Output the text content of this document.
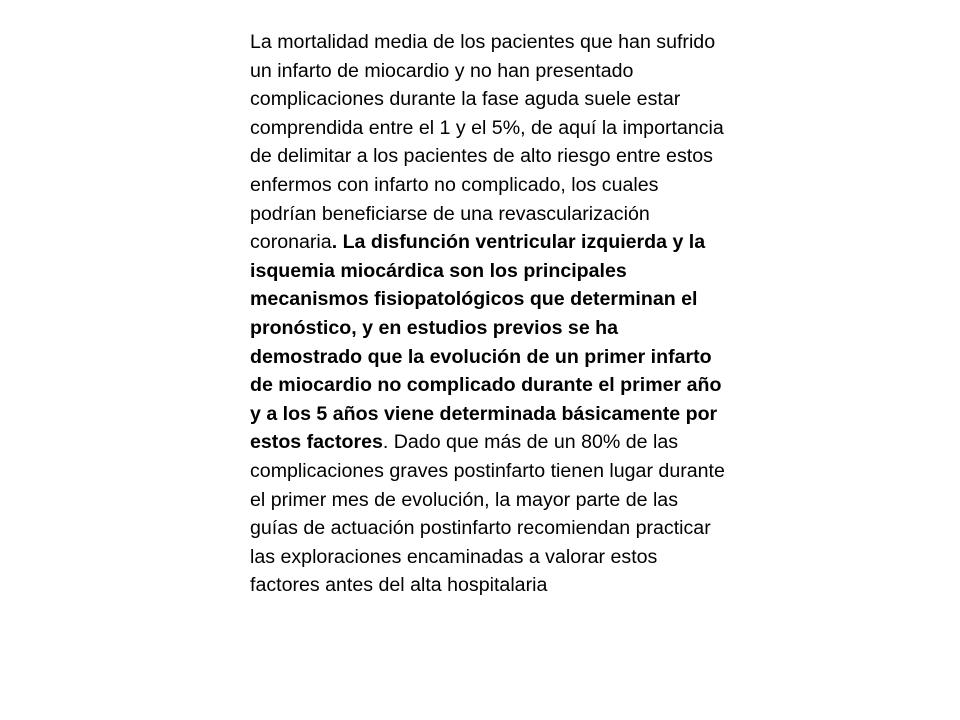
La mortalidad media de los pacientes que han sufrido un infarto de miocardio y no han presentado complicaciones durante la fase aguda suele estar comprendida entre el 1 y el 5%, de aquí la importancia de delimitar a los pacientes de alto riesgo entre estos enfermos con infarto no complicado, los cuales podrían beneficiarse de una revascularización coronaria. La disfunción ventricular izquierda y la isquemia miocárdica son los principales mecanismos fisiopatológicos que determinan el pronóstico, y en estudios previos se ha demostrado que la evolución de un primer infarto de miocardio no complicado durante el primer año y a los 5 años viene determinada básicamente por estos factores. Dado que más de un 80% de las complicaciones graves postinfarto tienen lugar durante el primer mes de evolución, la mayor parte de las guías de actuación postinfarto recomiendan practicar las exploraciones encaminadas a valorar estos factores antes del alta hospitalaria
